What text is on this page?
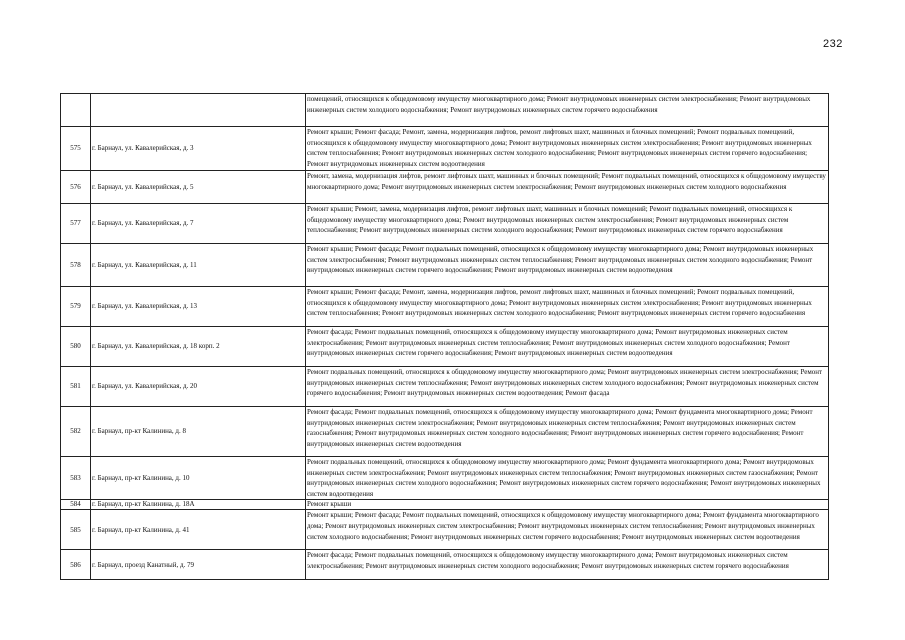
232
		помещений, относящихся к общедомовому имуществу многоквартирного дома; Ремонт внутридомовых инженерных систем электроснабжения; Ремонт внутридомовых инженерных систем холодного водоснабжения; Ремонт внутридомовых инженерных систем горячего водоснабжения
575	г. Барнаул, ул. Кавалерийская, д. 3	Ремонт крыши; Ремонт фасада; Ремонт, замена, модернизация лифтов, ремонт лифтовых шахт, машинных и блочных помещений; Ремонт подвальных помещений, относящихся к общедомовому имуществу многоквартирного дома; Ремонт внутридомовых инженерных систем электроснабжения; Ремонт внутридомовых инженерных систем теплоснабжения; Ремонт внутридомовых инженерных систем холодного водоснабжения; Ремонт внутридомовых инженерных систем горячего водоснабжения; Ремонт внутридомовых инженерных систем водоотведения
576	г. Барнаул, ул. Кавалерийская, д. 5	Ремонт, замена, модернизация лифтов, ремонт лифтовых шахт, машинных и блочных помещений; Ремонт подвальных помещений, относящихся к общедомовому имуществу многоквартирного дома; Ремонт внутридомовых инженерных систем электроснабжения; Ремонт внутридомовых инженерных систем холодного водоснабжения
577	г. Барнаул, ул. Кавалерийская, д. 7	Ремонт крыши; Ремонт, замена, модернизация лифтов, ремонт лифтовых шахт, машинных и блочных помещений; Ремонт подвальных помещений, относящихся к общедомовому имуществу многоквартирного дома; Ремонт внутридомовых инженерных систем электроснабжения; Ремонт внутридомовых инженерных систем теплоснабжения; Ремонт внутридомовых инженерных систем холодного водоснабжения; Ремонт внутридомовых инженерных систем горячего водоснабжения
578	г. Барнаул, ул. Кавалерийская, д. 11	Ремонт крыши; Ремонт фасада; Ремонт подвальных помещений, относящихся к общедомовому имуществу многоквартирного дома; Ремонт внутридомовых инженерных систем электроснабжения; Ремонт внутридомовых инженерных систем теплоснабжения; Ремонт внутридомовых инженерных систем холодного водоснабжения; Ремонт внутридомовых инженерных систем горячего водоснабжения; Ремонт внутридомовых инженерных систем водоотведения
579	г. Барнаул, ул. Кавалерийская, д. 13	Ремонт крыши; Ремонт фасада; Ремонт, замена, модернизация лифтов, ремонт лифтовых шахт, машинных и блочных помещений; Ремонт подвальных помещений, относящихся к общедомовому имуществу многоквартирного дома; Ремонт внутридомовых инженерных систем электроснабжения; Ремонт внутридомовых инженерных систем теплоснабжения; Ремонт внутридомовых инженерных систем холодного водоснабжения; Ремонт внутридомовых инженерных систем горячего водоснабжения
580	г. Барнаул, ул. Кавалерийская, д. 18 корп. 2	Ремонт фасада; Ремонт подвальных помещений, относящихся к общедомовому имуществу многоквартирного дома; Ремонт внутридомовых инженерных систем электроснабжения; Ремонт внутридомовых инженерных систем теплоснабжения; Ремонт внутридомовых инженерных систем холодного водоснабжения; Ремонт внутридомовых инженерных систем горячего водоснабжения; Ремонт внутридомовых инженерных систем водоотведения
581	г. Барнаул, ул. Кавалерийская, д. 20	Ремонт подвальных помещений, относящихся к общедомовому имуществу многоквартирного дома; Ремонт внутридомовых инженерных систем электроснабжения; Ремонт внутридомовых инженерных систем теплоснабжения; Ремонт внутридомовых инженерных систем холодного водоснабжения; Ремонт внутридомовых инженерных систем горячего водоснабжения; Ремонт внутридомовых инженерных систем водоотведения; Ремонт фасада
582	г. Барнаул, пр-кт Калинина, д. 8	Ремонт фасада; Ремонт подвальных помещений, относящихся к общедомовому имуществу многоквартирного дома; Ремонт фундамента многоквартирного дома; Ремонт внутридомовых инженерных систем электроснабжения; Ремонт внутридомовых инженерных систем теплоснабжения; Ремонт внутридомовых инженерных систем газоснабжения; Ремонт внутридомовых инженерных систем холодного водоснабжения; Ремонт внутридомовых инженерных систем горячего водоснабжения; Ремонт внутридомовых инженерных систем водоотведения
583	г. Барнаул, пр-кт Калинина, д. 10	Ремонт подвальных помещений, относящихся к общедомовому имуществу многоквартирного дома; Ремонт фундамента многоквартирного дома; Ремонт внутридомовых инженерных систем электроснабжения; Ремонт внутридомовых инженерных систем теплоснабжения; Ремонт внутридомовых инженерных систем газоснабжения; Ремонт внутридомовых инженерных систем холодного водоснабжения; Ремонт внутридомовых инженерных систем горячего водоснабжения; Ремонт внутридомовых инженерных систем водоотведения
584	г. Барнаул, пр-кт Калинина, д. 18А	Ремонт крыши
585	г. Барнаул, пр-кт Калинина, д. 41	Ремонт крыши; Ремонт фасада; Ремонт подвальных помещений, относящихся к общедомовому имуществу многоквартирного дома; Ремонт фундамента многоквартирного дома; Ремонт внутридомовых инженерных систем электроснабжения; Ремонт внутридомовых инженерных систем теплоснабжения; Ремонт внутридомовых инженерных систем холодного водоснабжения; Ремонт внутридомовых инженерных систем горячего водоснабжения; Ремонт внутридомовых инженерных систем водоотведения
586	г. Барнаул, проезд Канатный, д. 79	Ремонт фасада; Ремонт подвальных помещений, относящихся к общедомовому имуществу многоквартирного дома; Ремонт внутридомовых инженерных систем электроснабжения; Ремонт внутридомовых инженерных систем холодного водоснабжения; Ремонт внутридомовых инженерных систем горячего водоснабжения
